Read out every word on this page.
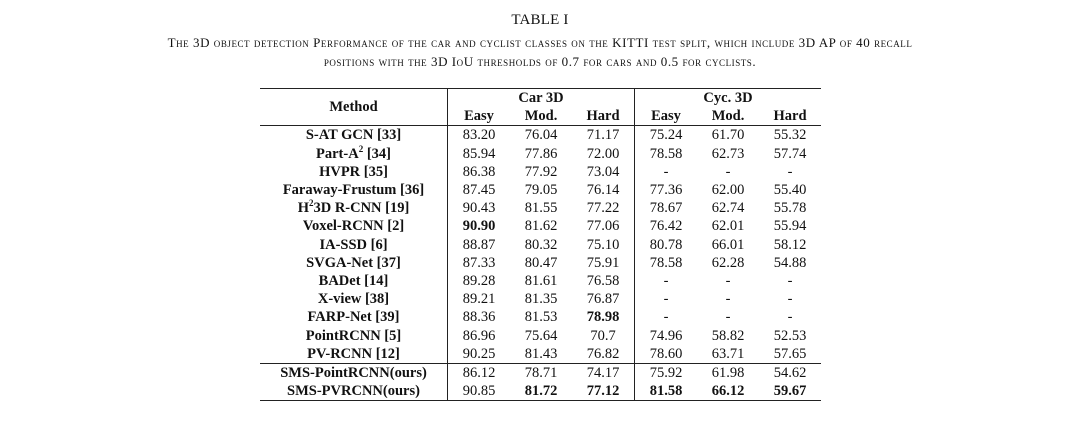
TABLE I
The 3D object detection Performance of the car and cyclist classes on the KITTI test split, which include 3D AP of 40 recall
positions with the 3D IoU thresholds of 0.7 for cars and 0.5 for cyclists.
Method	Car 3D			Cyc. 3D		
	Easy	Mod.	Hard	Easy	Mod.	Hard
S-AT GCN [33]	83.20	76.04	71.17	75.24	61.70	55.32
Part-$A^2$ [34]	85.94	77.86	72.00	78.58	62.73	57.74
HVPR [35]	86.38	77.92	73.04	-	-	-
Faraway-Frustum [36]	87.45	79.05	76.14	77.36	62.00	55.40
$H^23D$ R-CNN [19]	90.43	81.55	77.22	78.67	62.74	55.78
Voxel-RCNN [2]	90.90	81.62	77.06	76.42	62.01	55.94
IA-SSD [6]	88.87	80.32	75.10	80.78	66.01	58.12
SVGA-Net [37]	87.33	80.47	75.91	78.58	62.28	54.88
BADet [14]	89.28	81.61	76.58	-	-	-
X-view [38]	89.21	81.35	76.87	-	-	-
FARP-Net [39]	88.36	81.53	78.98	-	-	-
PointRCNN [5]	86.96	75.64	70.7	74.96	58.82	52.53
PV-RCNN [12]	90.25	81.43	76.82	78.60	63.71	57.65
SMS-PointRCNN(ours)	86.12	78.71	74.17	75.92	61.98	54.62
SMS-PVRCNN(ours)	90.85	81.72	77.12	81.58	66.12	59.67
